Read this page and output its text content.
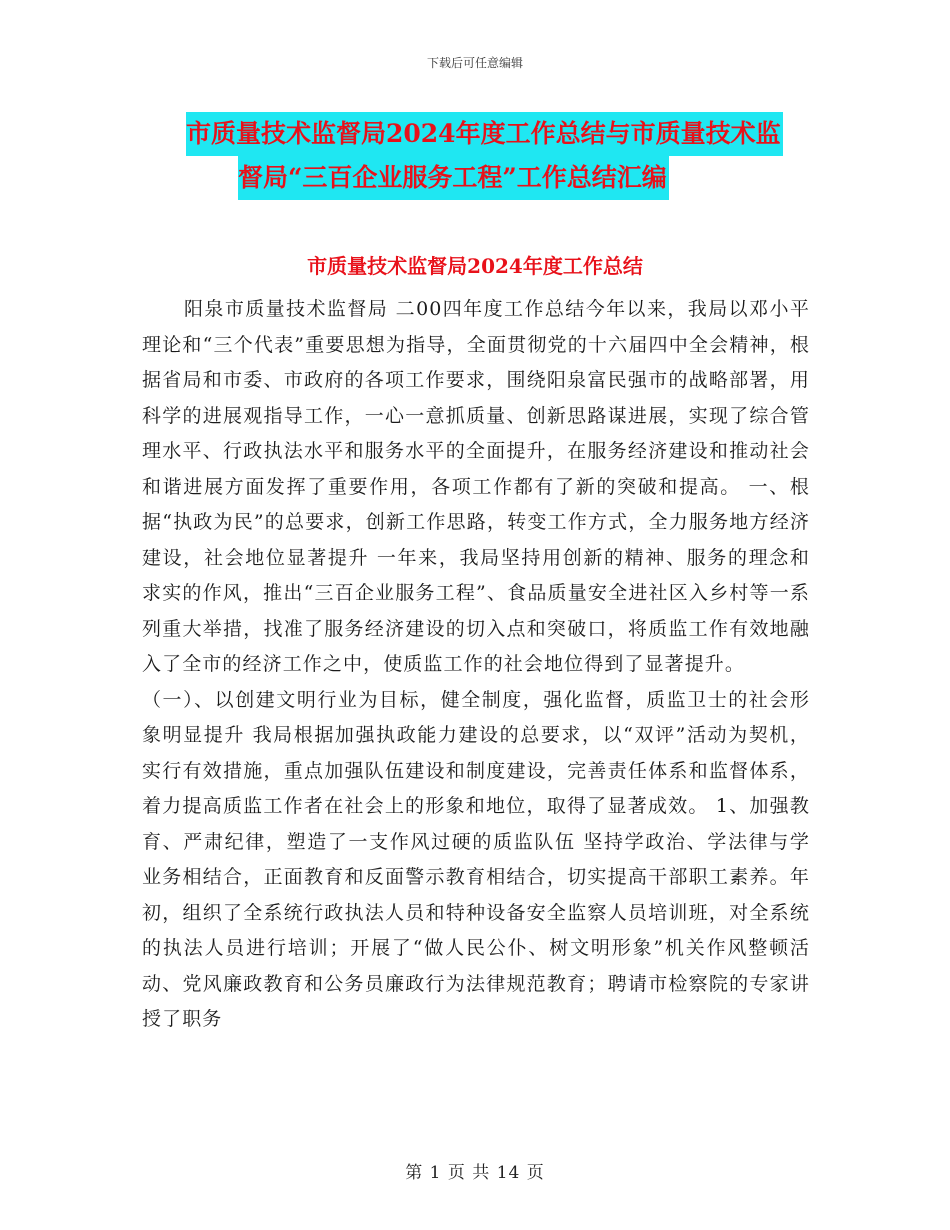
下载后可任意编辑
市质量技术监督局2024年度工作总结与市质量技术监
督局“三百企业服务工程”工作总结汇编
市质量技术监督局2024年度工作总结

阳泉市质量技术监督局 二00四年度工作总结今年以来，我局以邓小平理论和“三个代表”重要思想为指导，全面贯彻党的十六届四中全会精神，根据省局和市委、市政府的各项工作要求，围绕阳泉富民强市的战略部署，用科学的进展观指导工作，一心一意抓质量、创新思路谋进展，实现了综合管理水平、行政执法水平和服务水平的全面提升，在服务经济建设和推动社会和谐进展方面发挥了重要作用，各项工作都有了新的突破和提高。 一、根据“执政为民”的总要求，创新工作思路，转变工作方式，全力服务地方经济建设，社会地位显著提升 一年来，我局坚持用创新的精神、服务的理念和求实的作风，推出“三百企业服务工程”、食品质量安全进社区入乡村等一系列重大举措，找准了服务经济建设的切入点和突破口，将质监工作有效地融入了全市的经济工作之中，使质监工作的社会地位得到了显著提升。

（一）、以创建文明行业为目标，健全制度，强化监督，质监卫士的社会形象明显提升 我局根据加强执政能力建设的总要求，以“双评”活动为契机，实行有效措施，重点加强队伍建设和制度建设，完善责任体系和监督体系，着力提高质监工作者在社会上的形象和地位，取得了显著成效。 1、加强教育、严肃纪律，塑造了一支作风过硬的质监队伍 坚持学政治、学法律与学业务相结合，正面教育和反面警示教育相结合，切实提高干部职工素养。年初，组织了全系统行政执法人员和特种设备安全监察人员培训班，对全系统的执法人员进行培训；开展了“做人民公仆、树文明形象”机关作风整顿活动、党风廉政教育和公务员廉政行为法律规范教育；聘请市检察院的专家讲授了职务

第 1 页 共 14 页
